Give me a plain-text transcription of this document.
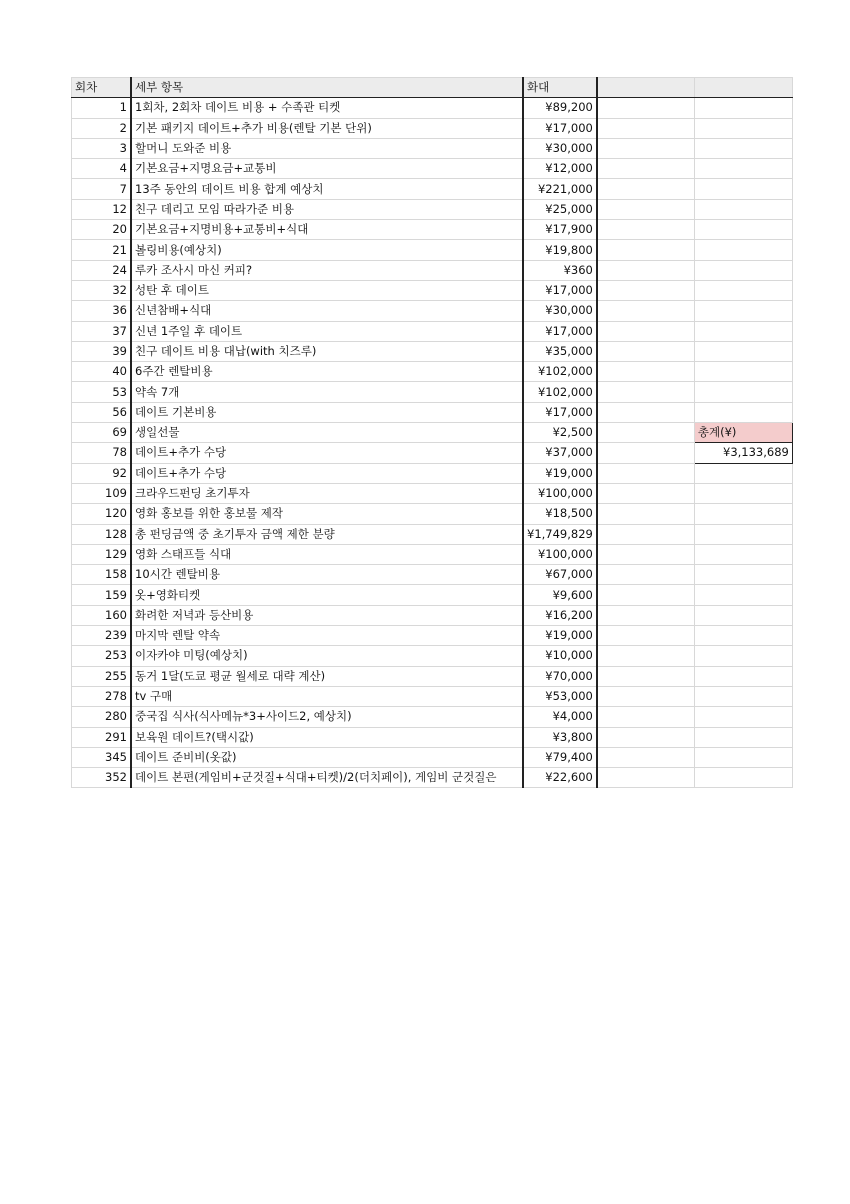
회차	세부 항목	화대		
1	1회차, 2회차 데이트 비용 + 수족관 티켓	¥89,200		
2	기본 패키지 데이트+추가 비용(렌탈 기본 단위)	¥17,000		
3	할머니 도와준 비용	¥30,000		
4	기본요금+지명요금+교통비	¥12,000		
7	13주 동안의 데이트 비용 합계 예상치	¥221,000		
12	친구 데리고 모임 따라가준 비용	¥25,000		
20	기본요금+지명비용+교통비+식대	¥17,900		
21	볼링비용(예상치)	¥19,800		
24	루카 조사시 마신 커피?	¥360		
32	성탄 후 데이트	¥17,000		
36	신년참배+식대	¥30,000		
37	신년 1주일 후 데이트	¥17,000		
39	친구 데이트 비용 대납(with 치즈루)	¥35,000		
40	6주간 렌탈비용	¥102,000		
53	약속 7개	¥102,000		
56	데이트 기본비용	¥17,000		
69	생일선물	¥2,500		총계(¥)
78	데이트+추가 수당	¥37,000		¥3,133,689
92	데이트+추가 수당	¥19,000		
109	크라우드펀딩 초기투자	¥100,000		
120	영화 홍보를 위한 홍보물 제작	¥18,500		
128	총 펀딩금액 중 초기투자 금액 제한 분량	¥1,749,829		
129	영화 스태프들 식대	¥100,000		
158	10시간 렌탈비용	¥67,000		
159	옷+영화티켓	¥9,600		
160	화려한 저녁과 등산비용	¥16,200		
239	마지막 렌탈 약속	¥19,000		
253	이자카야 미팅(예상치)	¥10,000		
255	동거 1달(도쿄 평균 월세로 대략 계산)	¥70,000		
278	tv 구매	¥53,000		
280	중국집 식사(식사메뉴*3+사이드2, 예상치)	¥4,000		
291	보육원 데이트?(택시값)	¥3,800		
345	데이트 준비비(옷값)	¥79,400		
352	데이트 본편(게임비+군것질+식대+티켓)/2(더치페이), 게임비 군것질은	¥22,600		
